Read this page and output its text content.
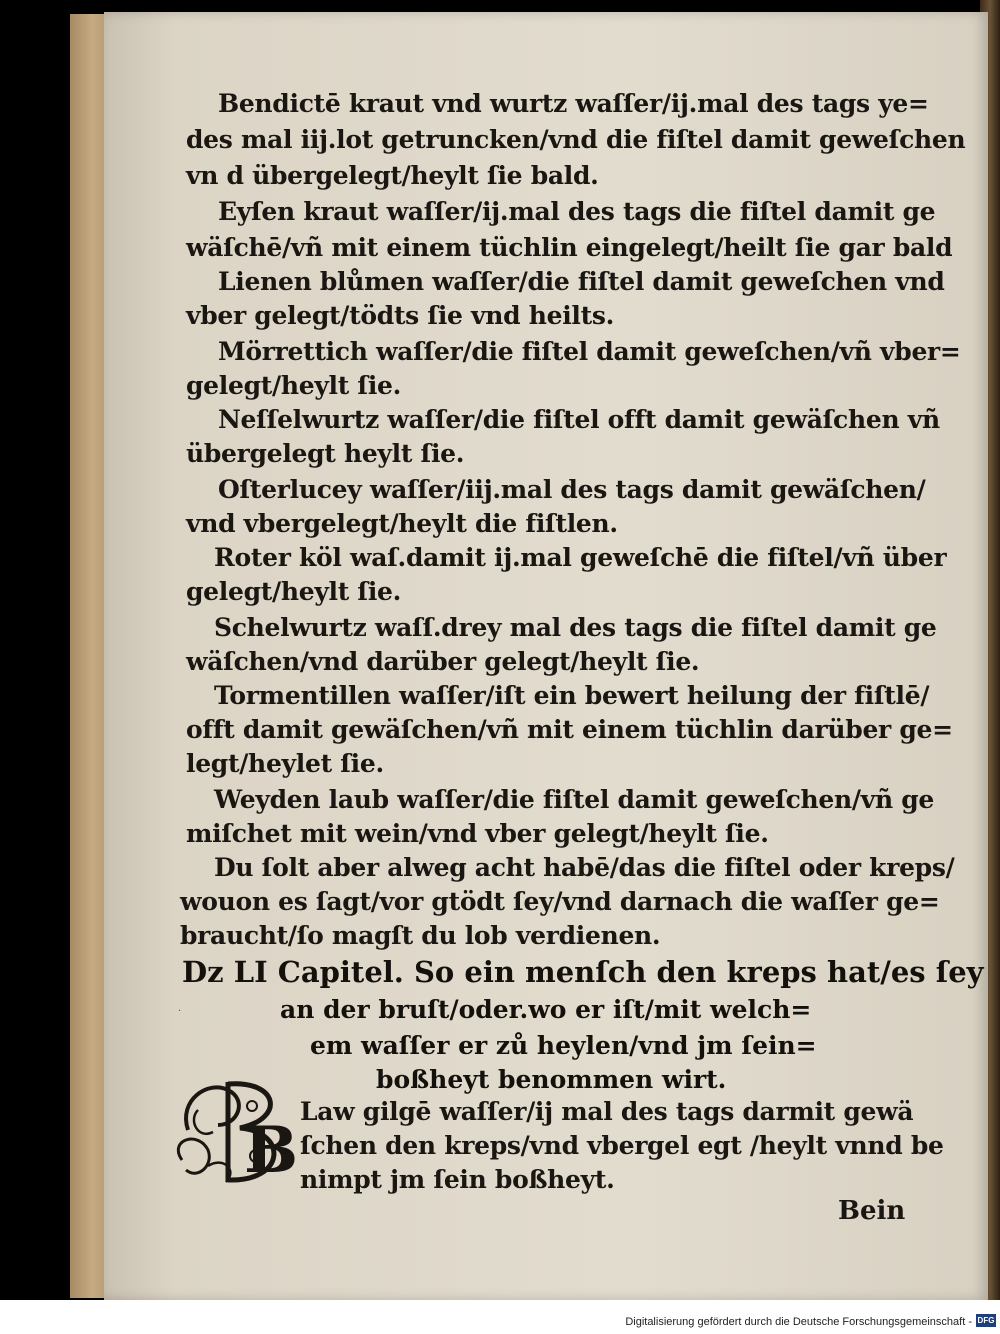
Bendictē kraut vnd wurtz waſſer/ij.mal des tags ye=
des mal iij.lot getruncken/vnd die fiſtel damit geweſchen
vn d übergelegt/heylt ſie bald.
Eyſen kraut waſſer/ij.mal des tags die fiſtel damit ge
wäſchē/vñ mit einem tüchlin eingelegt/heilt ſie gar bald
Lienen blůmen waſſer/die fiſtel damit geweſchen vnd
vber gelegt/tödts ſie vnd heilts.
Mörrettich waſſer/die fiſtel damit geweſchen/vñ vber=
gelegt/heylt ſie.
Neſſelwurtz waſſer/die fiſtel offt damit gewäſchen vñ
übergelegt heylt ſie.
Oſterlucey waſſer/iij.mal des tags damit gewäſchen/
vnd vbergelegt/heylt die fiſtlen.
Roter köl waſ.damit ij.mal geweſchē die fiſtel/vñ über
gelegt/heylt ſie.
Schelwurtz waſſ.drey mal des tags die fiſtel damit ge
wäſchen/vnd darüber gelegt/heylt ſie.
Tormentillen waſſer/iſt ein bewert heilung der fiſtlē/
offt damit gewäſchen/vñ mit einem tüchlin darüber ge=
legt/heylet ſie.
Weyden laub waſſer/die fiſtel damit geweſchen/vñ ge
miſchet mit wein/vnd vber gelegt/heylt ſie.
Du ſolt aber alweg acht habē/das die fiſtel oder kreps/
wouon es ſagt/vor gtödt ſey/vnd darnach die waſſer ge=
braucht/ſo magſt du lob verdienen.
Dz LI Capitel. So ein menſch den kreps hat/es ſey
an der bruſt/oder.wo er iſt/mit welch=
em waſſer er zů heylen/vnd jm ſein=
boßheyt benommen wirt.
·
B
Law gilgē waſſer/ij mal des tags darmit gewä
ſchen den kreps/vnd vbergel egt /heylt vnnd be
nimpt jm ſein boßheyt.
Bein
Digitalisierung gefördert durch die Deutsche Forschungsgemeinschaft - DFG
